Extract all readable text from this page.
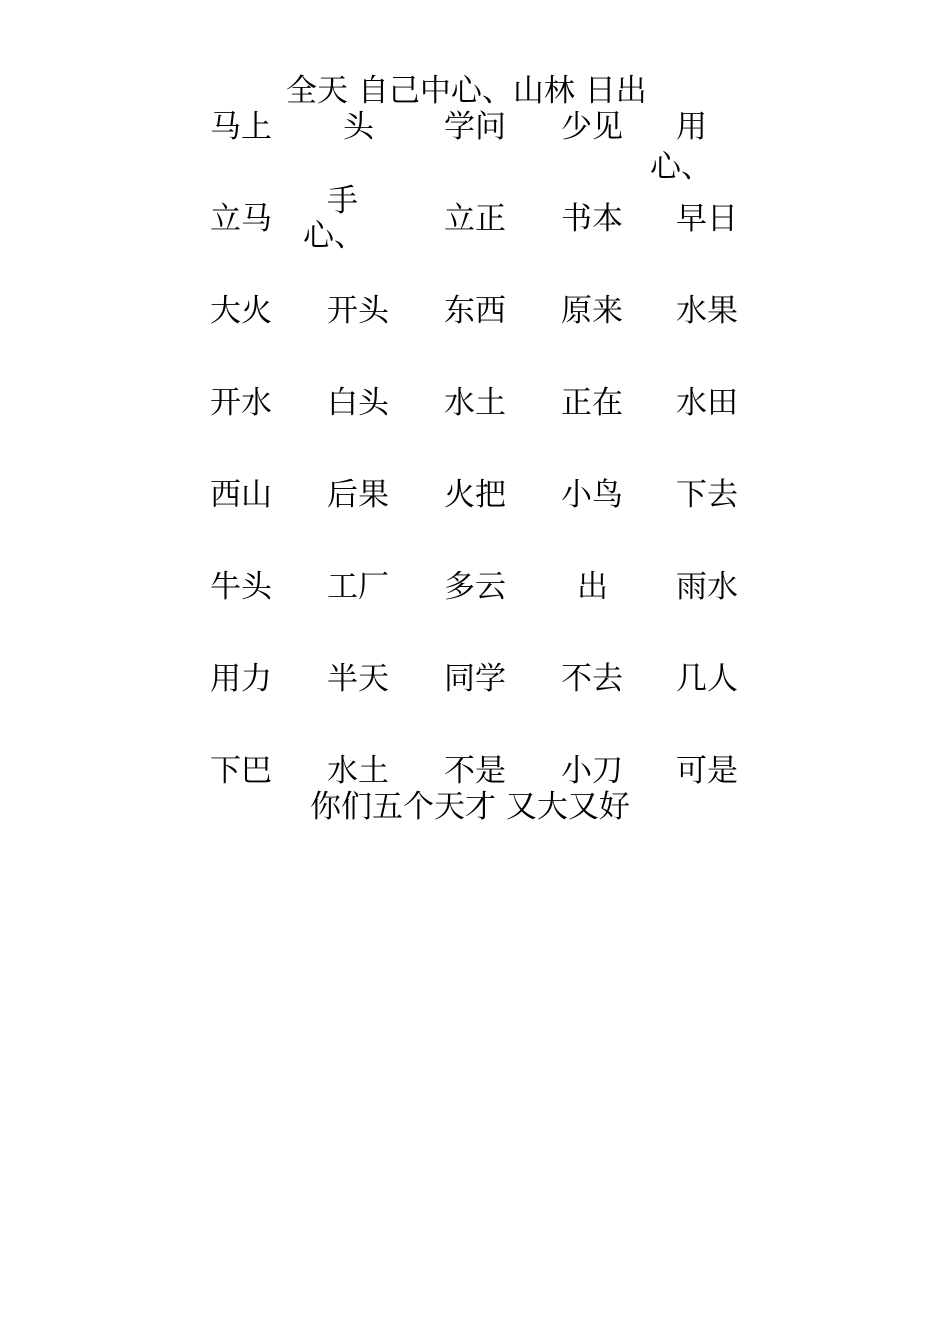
全天 自己中心、山林 日出
马上 头 学问 少见 用
心、
立马 手
心、	立正 书本 早日
大火 开头 东西 原来 水果
开水 白头 水土 正在 水田
西山 后果 火把 小鸟 下去
牛头 工厂 多云 出 雨水
用力 半天 同学 不去 几人
下巴 水土 不是 小刀 可是
你们五个天才 又大又好
